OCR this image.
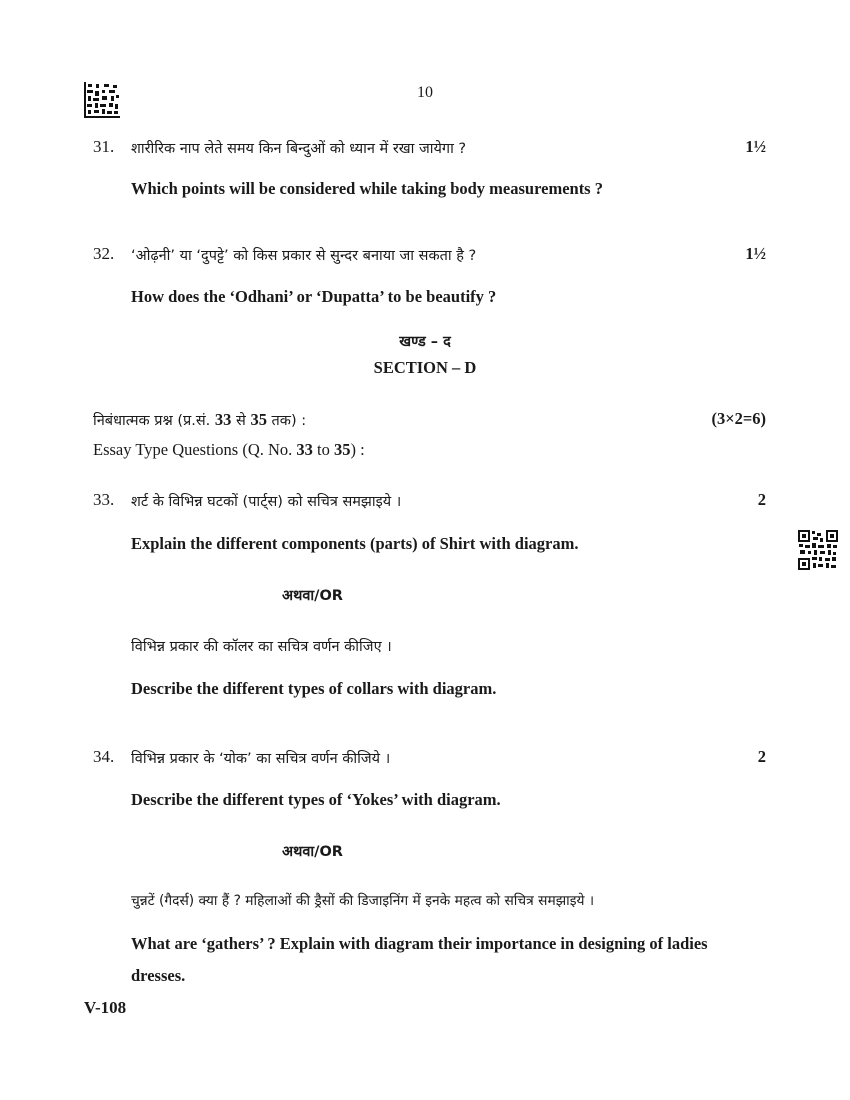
10
31. शारीरिक नाप लेते समय किन बिन्दुओं को ध्यान में रखा जायेगा ?	1½
Which points will be considered while taking body measurements ?
32. ‘ओढ़नी’ या ‘दुपट्टे’ को किस प्रकार से सुन्दर बनाया जा सकता है ?	1½
How does the ‘Odhani’ or ‘Dupatta’ to be beautify ?
खण्ड – द
SECTION – D
निबंधात्मक प्रश्न (प्र.सं. 33 से 35 तक) :	(3×2=6)
Essay Type Questions (Q. No. 33 to 35) :
33. शर्ट के विभिन्न घटकों (पार्ट्स) को सचित्र समझाइये ।	2
Explain the different components (parts) of Shirt with diagram.
अथवा/OR
विभिन्न प्रकार की कॉलर का सचित्र वर्णन कीजिए ।
Describe the different types of collars with diagram.
34. विभिन्न प्रकार के ‘योक’ का सचित्र वर्णन कीजिये ।	2
Describe the different types of ‘Yokes’ with diagram.
अथवा/OR
चुन्नटें (गैदर्स) क्या हैं ? महिलाओं की ड्रैसों की डिजाइनिंग में इनके महत्व को सचित्र समझाइये ।
What are ‘gathers’ ? Explain with diagram their importance in designing of ladies
dresses.
V-108
